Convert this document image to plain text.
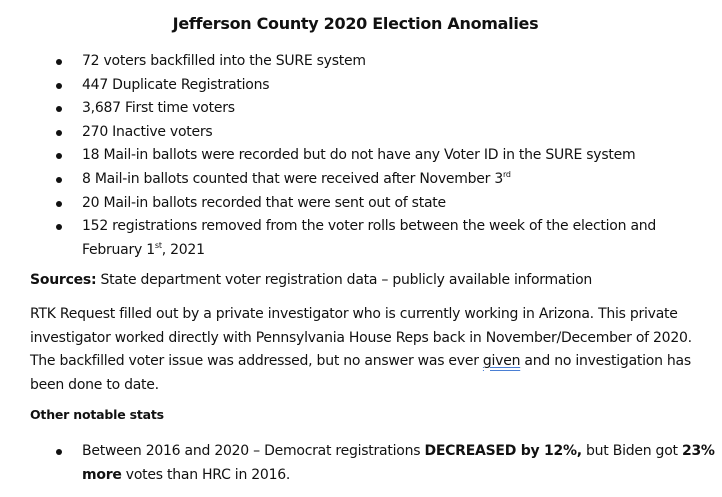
Jefferson County 2020 Election Anomalies
72 voters backfilled into the SURE system
447 Duplicate Registrations
3,687 First time voters
270 Inactive voters
18 Mail-in ballots were recorded but do not have any Voter ID in the SURE system
8 Mail-in ballots counted that were received after November 3rd
20 Mail-in ballots recorded that were sent out of state
152 registrations removed from the voter rolls between the week of the election and February 1st, 2021

Sources: State department voter registration data – publicly available information

RTK Request filled out by a private investigator who is currently working in Arizona. This private investigator worked directly with Pennsylvania House Reps back in November/December of 2020. The backfilled voter issue was addressed, but no answer was ever given and no investigation has been done to date.

Other notable stats
Between 2016 and 2020 – Democrat registrations DECREASED by 12%, but Biden got 23% more votes than HRC in 2016.
